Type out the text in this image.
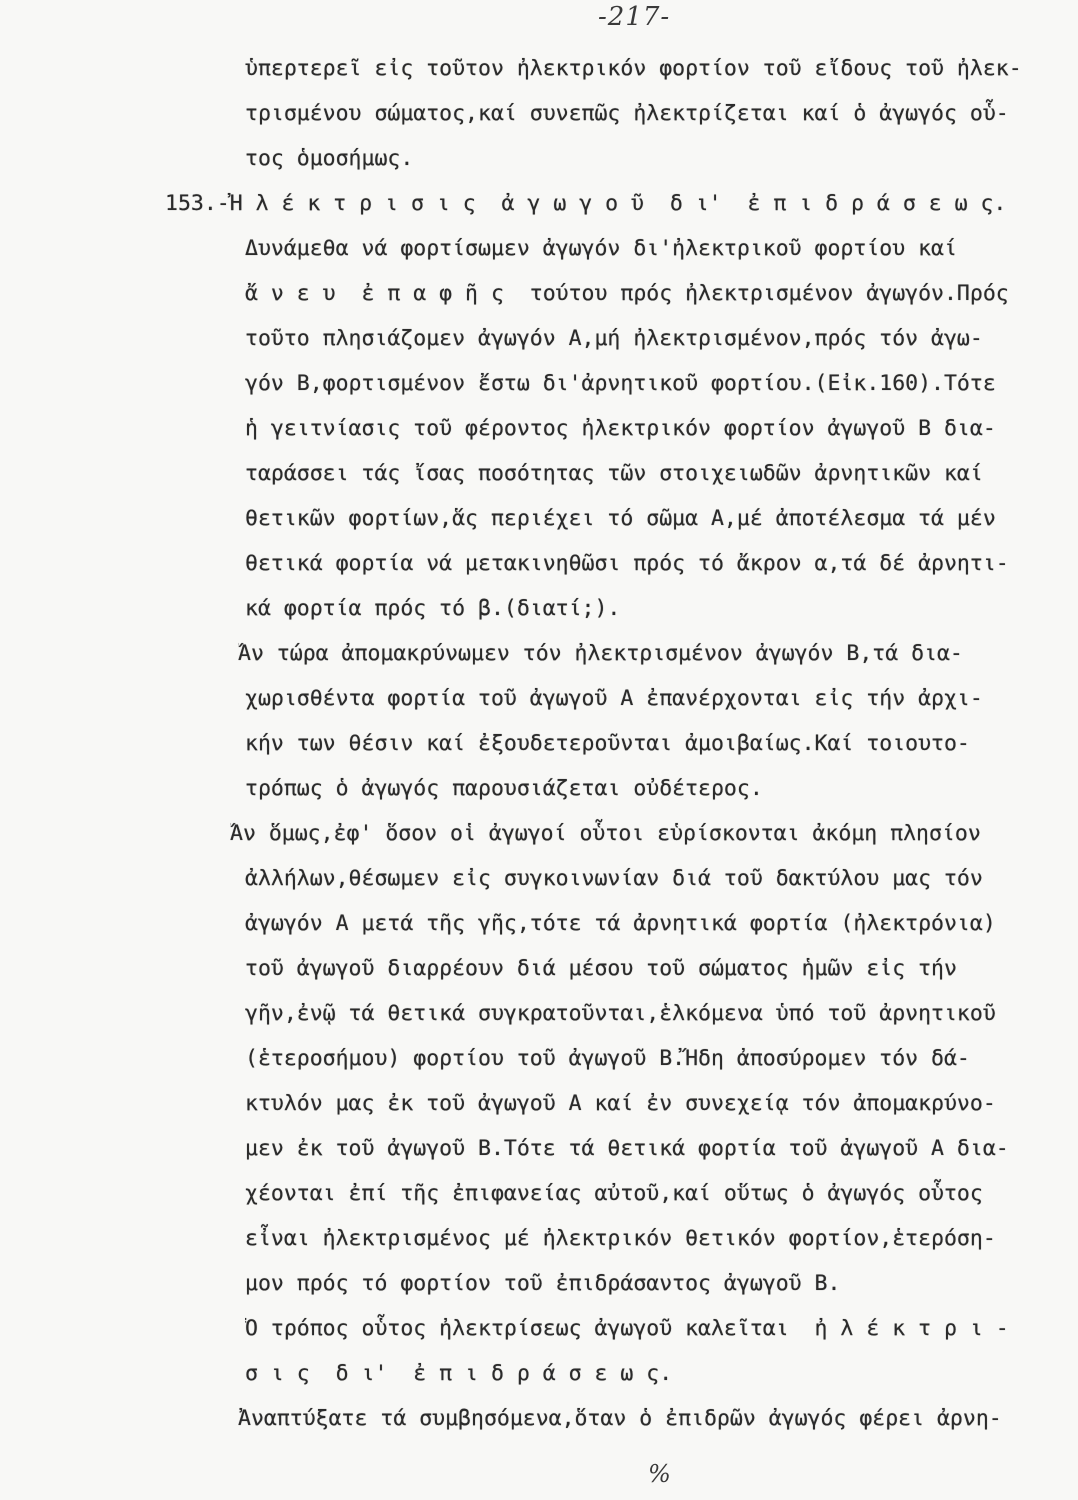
-217-
ὑπερτερεῖ εἰς τοῦτον ἠλεκτρικόν φορτίον τοῦ εἴδους τοῦ ἠλεκ-
τρισμένου σώματος,καί συνεπῶς ἠλεκτρίζεται καί ὁ ἀγωγός οὗ-
τος ὁμοσήμως.
153.-Ἠ λ έ κ τ ρ ι σ ι ς  ἀ γ ω γ ο ῦ  δ ι'  ἐ π ι δ ρ ά σ ε ω ς.
Δυνάμεθα νά φορτίσωμεν ἀγωγόν δι'ἠλεκτρικοῦ φορτίου καί
ἄ ν ε υ  ἐ π α φ ῆ ς  τούτου πρός ἠλεκτρισμένον ἀγωγόν.Πρός
τοῦτο πλησιάζομεν ἀγωγόν Α,μή ἠλεκτρισμένον,πρός τόν ἀγω-
γόν Β,φορτισμένον ἔστω δι'ἀρνητικοῦ φορτίου.(Εἰκ.160).Τότε
ἡ γειτνίασις τοῦ φέροντος ἠλεκτρικόν φορτίον ἀγωγοῦ Β δια-
ταράσσει τάς ἴσας ποσότητας τῶν στοιχειωδῶν ἀρνητικῶν καί
θετικῶν φορτίων,ἅς περιέχει τό σῶμα Α,μέ ἀποτέλεσμα τά μέν
θετικά φορτία νά μετακινηθῶσι πρός τό ἄκρον α,τά δέ ἀρνητι-
κά φορτία πρός τό β.(διατί;).
Ἄν τώρα ἀπομακρύνωμεν τόν ἠλεκτρισμένον ἀγωγόν Β,τά δια-
χωρισθέντα φορτία τοῦ ἀγωγοῦ Α ἐπανέρχονται εἰς τήν ἀρχι-
κήν των θέσιν καί ἐξουδετεροῦνται ἀμοιβαίως.Καί τοιουτο-
τρόπως ὁ ἀγωγός παρουσιάζεται οὐδέτερος.
Ἄν ὅμως,ἐφ' ὅσον οἱ ἀγωγοί οὗτοι εὑρίσκονται ἀκόμη πλησίον
ἀλλήλων,θέσωμεν εἰς συγκοινωνίαν διά τοῦ δακτύλου μας τόν
ἀγωγόν Α μετά τῆς γῆς,τότε τά ἀρνητικά φορτία (ἠλεκτρόνια)
τοῦ ἀγωγοῦ διαρρέουν διά μέσου τοῦ σώματος ἡμῶν εἰς τήν
γῆν,ἐνῷ τά θετικά συγκρατοῦνται,ἑλκόμενα ὑπό τοῦ ἀρνητικοῦ
(ἑτεροσήμου) φορτίου τοῦ ἀγωγοῦ Β.Ἤδη ἀποσύρομεν τόν δά-
κτυλόν μας ἐκ τοῦ ἀγωγοῦ Α καί ἐν συνεχείᾳ τόν ἀπομακρύνο-
μεν ἐκ τοῦ ἀγωγοῦ Β.Τότε τά θετικά φορτία τοῦ ἀγωγοῦ Α δια-
χέονται ἐπί τῆς ἐπιφανείας αὐτοῦ,καί οὕτως ὁ ἀγωγός οὗτος
εἶναι ἠλεκτρισμένος μέ ἠλεκτρικόν θετικόν φορτίον,ἑτερόση-
μον πρός τό φορτίον τοῦ ἐπιδράσαντος ἀγωγοῦ Β.
Ὁ τρόπος οὗτος ἠλεκτρίσεως ἀγωγοῦ καλεῖται  ἠ λ έ κ τ ρ ι -
σ ι ς  δ ι'  ἐ π ι δ ρ ά σ ε ω ς.
Ἀναπτύξατε τά συμβησόμενα,ὅταν ὁ ἐπιδρῶν ἀγωγός φέρει ἀρνη-
%
